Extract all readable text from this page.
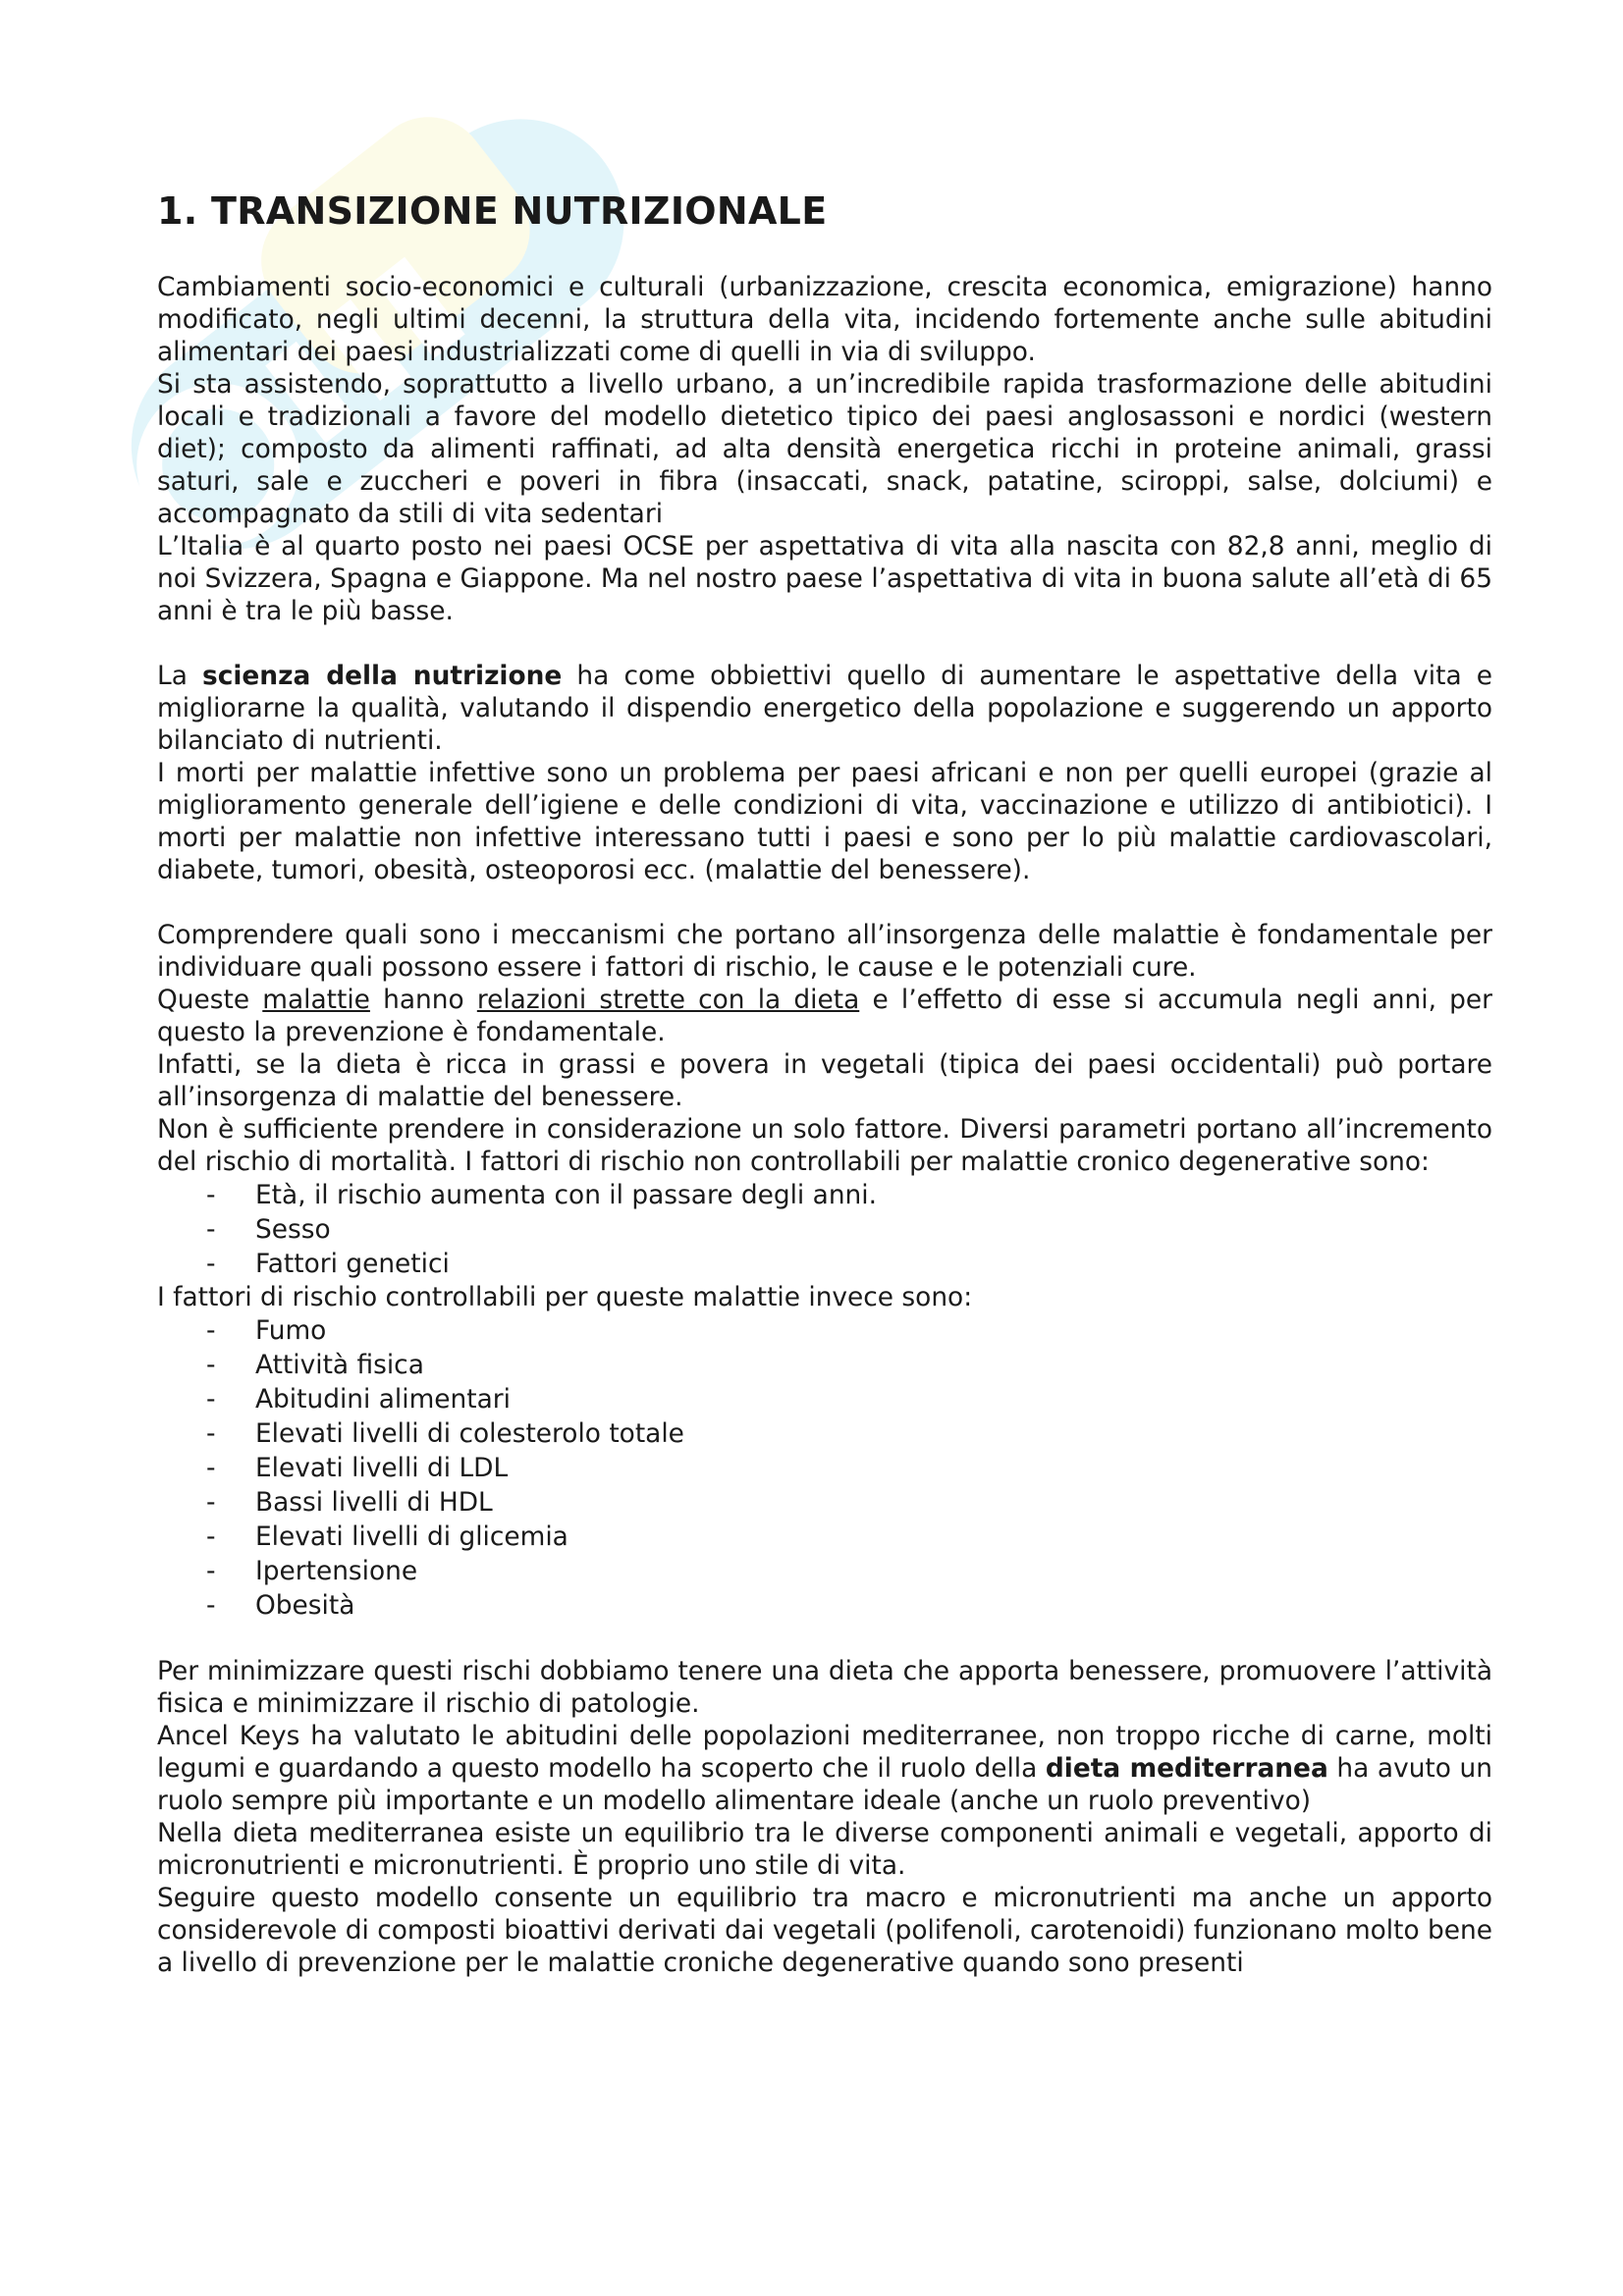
1. TRANSIZIONE NUTRIZIONALE

Cambiamenti socio-economici e culturali (urbanizzazione, crescita economica, emigrazione) hanno modificato, negli ultimi decenni, la struttura della vita, incidendo fortemente anche sulle abitudini alimentari dei paesi industrializzati come di quelli in via di sviluppo.

Si sta assistendo, soprattutto a livello urbano, a un’incredibile rapida trasformazione delle abitudini locali e tradizionali a favore del modello dietetico tipico dei paesi anglosassoni e nordici (western diet); composto da alimenti raffinati, ad alta densità energetica ricchi in proteine animali, grassi saturi, sale e zuccheri e poveri in fibra (insaccati, snack, patatine, sciroppi, salse, dolciumi) e accompagnato da stili di vita sedentari

L’Italia è al quarto posto nei paesi OCSE per aspettativa di vita alla nascita con 82,8 anni, meglio di noi Svizzera, Spagna e Giappone. Ma nel nostro paese l’aspettativa di vita in buona salute all’età di 65 anni è tra le più basse.

La scienza della nutrizione ha come obbiettivi quello di aumentare le aspettative della vita e migliorarne la qualità, valutando il dispendio energetico della popolazione e suggerendo un apporto bilanciato di nutrienti.

I morti per malattie infettive sono un problema per paesi africani e non per quelli europei (grazie al miglioramento generale dell’igiene e delle condizioni di vita, vaccinazione e utilizzo di antibiotici). I morti per malattie non infettive interessano tutti i paesi e sono per lo più malattie cardiovascolari, diabete, tumori, obesità, osteoporosi ecc. (malattie del benessere).

Comprendere quali sono i meccanismi che portano all’insorgenza delle malattie è fondamentale per individuare quali possono essere i fattori di rischio, le cause e le potenziali cure.

Queste malattie hanno relazioni strette con la dieta e l’effetto di esse si accumula negli anni, per questo la prevenzione è fondamentale.

Infatti, se la dieta è ricca in grassi e povera in vegetali (tipica dei paesi occidentali) può portare all’insorgenza di malattie del benessere.

Non è sufficiente prendere in considerazione un solo fattore. Diversi parametri portano all’incremento del rischio di mortalità. I fattori di rischio non controllabili per malattie cronico degenerative sono:

- Età, il rischio aumenta con il passare degli anni.
- Sesso
- Fattori genetici

I fattori di rischio controllabili per queste malattie invece sono:

- Fumo
- Attività fisica
- Abitudini alimentari
- Elevati livelli di colesterolo totale
- Elevati livelli di LDL
- Bassi livelli di HDL
- Elevati livelli di glicemia
- Ipertensione
- Obesità

Per minimizzare questi rischi dobbiamo tenere una dieta che apporta benessere, promuovere l’attività fisica e minimizzare il rischio di patologie.

Ancel Keys ha valutato le abitudini delle popolazioni mediterranee, non troppo ricche di carne, molti legumi e guardando a questo modello ha scoperto che il ruolo della dieta mediterranea ha avuto un ruolo sempre più importante e un modello alimentare ideale (anche un ruolo preventivo)

Nella dieta mediterranea esiste un equilibrio tra le diverse componenti animali e vegetali, apporto di micronutrienti e micronutrienti. È proprio uno stile di vita.

Seguire questo modello consente un equilibrio tra macro e micronutrienti ma anche un apporto considerevole di composti bioattivi derivati dai vegetali (polifenoli, carotenoidi) funzionano molto bene a livello di prevenzione per le malattie croniche degenerative quando sono presenti
